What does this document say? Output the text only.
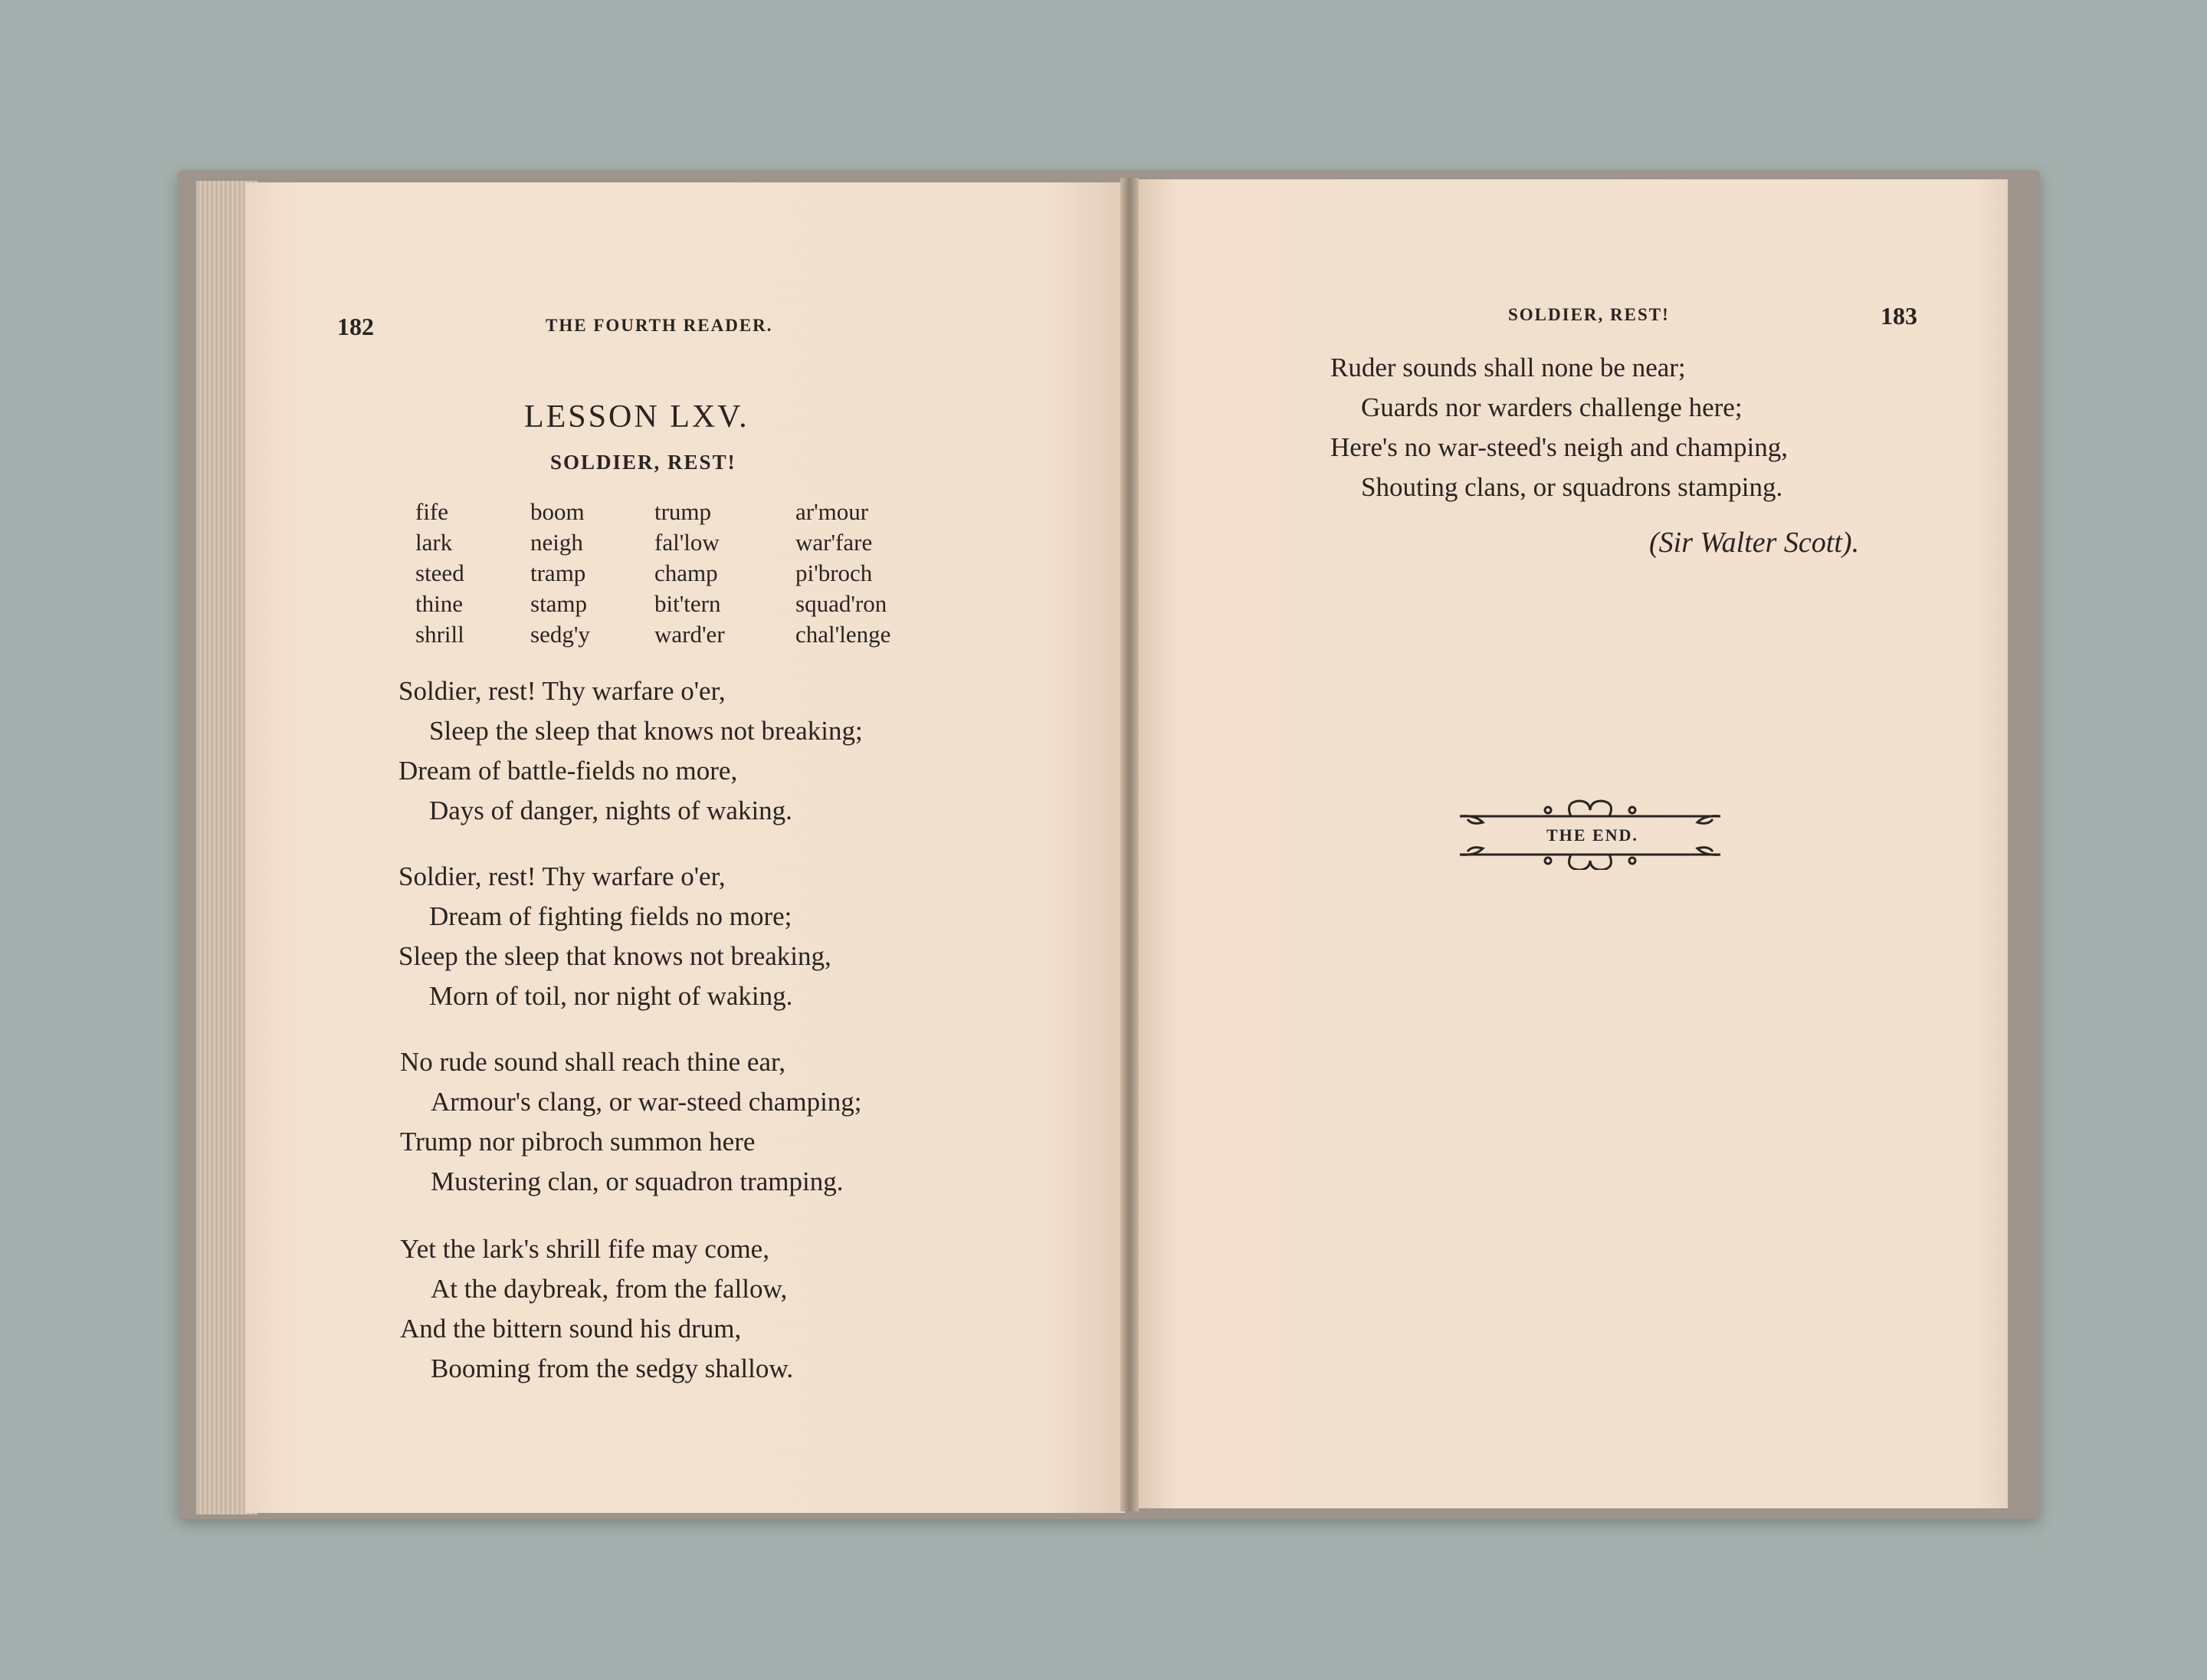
182	THE FOURTH READER.
LESSON LXV.
SOLDIER, REST!
fife
lark
steed
thine
shrill
boom
neigh
tramp
stamp
sedg'y
trump
fal'low
champ
bit'tern
ward'er
ar'mour
war'fare
pi'broch
squad'ron
chal'lenge
Soldier, rest! Thy warfare o'er,
Sleep the sleep that knows not breaking;
Dream of battle-fields no more,
Days of danger, nights of waking.
Soldier, rest! Thy warfare o'er,
Dream of fighting fields no more;
Sleep the sleep that knows not breaking,
Morn of toil, nor night of waking.
No rude sound shall reach thine ear,
Armour's clang, or war-steed champing;
Trump nor pibroch summon here
Mustering clan, or squadron tramping.
Yet the lark's shrill fife may come,
At the daybreak, from the fallow,
And the bittern sound his drum,
Booming from the sedgy shallow.
SOLDIER, REST!	183
Ruder sounds shall none be near;
Guards nor warders challenge here;
Here's no war-steed's neigh and champing,
Shouting clans, or squadrons stamping.
(Sir Walter Scott).
THE END.
